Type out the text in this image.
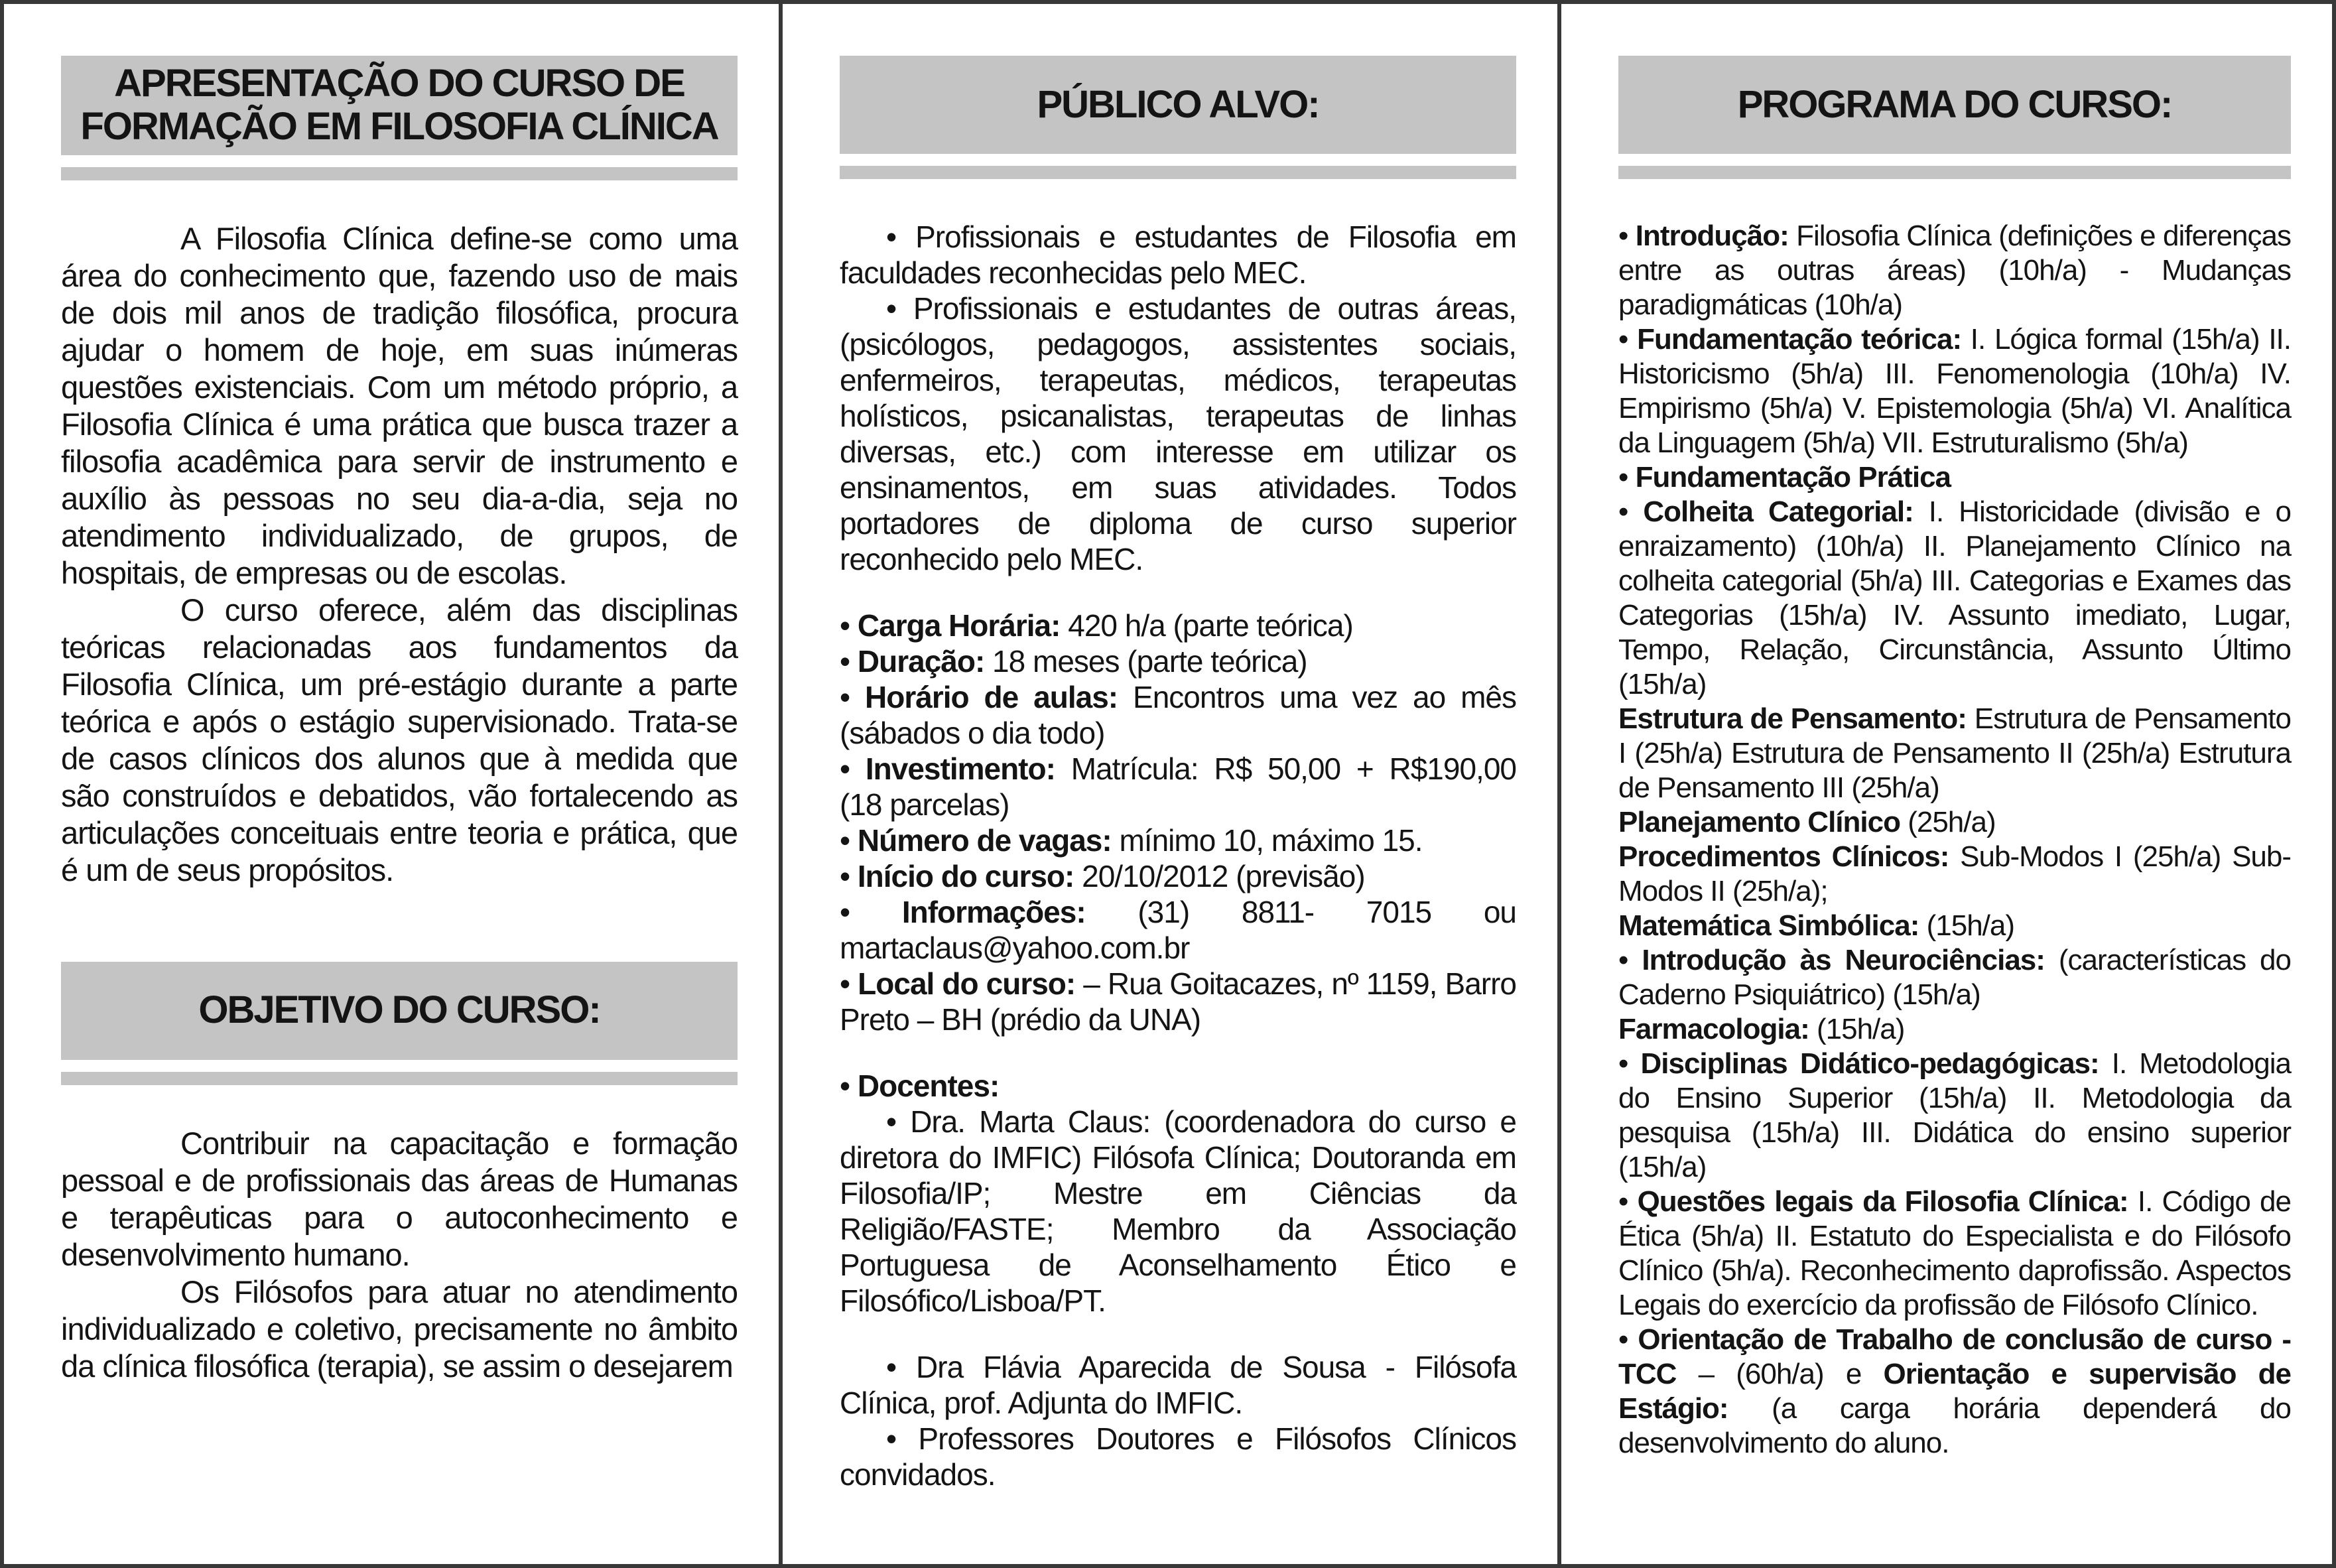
APRESENTAÇÃO DO CURSO DE FORMAÇÃO EM FILOSOFIA CLÍNICA

A Filosofia Clínica define-se como uma área do conhecimento que, fazendo uso de mais de dois mil anos de tradição filosófica, procura ajudar o homem de hoje, em suas inúmeras questões existenciais. Com um método próprio, a Filosofia Clínica é uma prática que busca trazer a filosofia acadêmica para servir de instrumento e auxílio às pessoas no seu dia-a-dia, seja no atendimento individualizado, de grupos, de hospitais, de empresas ou de escolas.

O curso oferece, além das disciplinas teóricas relacionadas aos fundamentos da Filosofia Clínica, um pré-estágio durante a parte teórica e após o estágio supervisionado. Trata-se de casos clínicos dos alunos que à medida que são construídos e debatidos, vão fortalecendo as articulações conceituais entre teoria e prática, que é um de seus propósitos.

OBJETIVO DO CURSO:

Contribuir na capacitação e formação pessoal e de profissionais das áreas de Humanas e terapêuticas para o autoconhecimento e desenvolvimento humano.

Os Filósofos para atuar no atendimento individualizado e coletivo, precisamente no âmbito da clínica filosófica (terapia), se assim o desejarem

PÚBLICO ALVO:

• Profissionais e estudantes de Filosofia em faculdades reconhecidas pelo MEC.

• Profissionais e estudantes de outras áreas, (psicólogos, pedagogos, assistentes sociais, enfermeiros, terapeutas, médicos, terapeutas holísticos, psicanalistas, terapeutas de linhas diversas, etc.) com interesse em utilizar os ensinamentos, em suas atividades. Todos portadores de diploma de curso superior reconhecido pelo MEC.

• Carga Horária: 420 h/a (parte teórica)

• Duração: 18 meses (parte teórica)

• Horário de aulas: Encontros uma vez ao mês (sábados o dia todo)

• Investimento: Matrícula: R$ 50,00 + R$190,00 (18 parcelas)

• Número de vagas: mínimo 10, máximo 15.

• Início do curso: 20/10/2012 (previsão)

• Informações: (31) 8811- 7015 ou martaclaus@yahoo.com.br

• Local do curso: – Rua Goitacazes, nº 1159, Barro Preto – BH (prédio da UNA)

• Docentes:

• Dra. Marta Claus: (coordenadora do curso e diretora do IMFIC) Filósofa Clínica; Doutoranda em Filosofia/IP; Mestre em Ciências da Religião/FASTE; Membro da Associação Portuguesa de Aconselhamento Ético e Filosófico/Lisboa/PT.

• Dra Flávia Aparecida de Sousa - Filósofa Clínica, prof. Adjunta do IMFIC.

• Professores Doutores e Filósofos Clínicos convidados.

PROGRAMA DO CURSO:

• Introdução: Filosofia Clínica (definições e diferenças entre as outras áreas) (10h/a) - Mudanças paradigmáticas (10h/a)

• Fundamentação teórica: I. Lógica formal (15h/a) II. Historicismo (5h/a) III. Fenomenologia (10h/a) IV. Empirismo (5h/a) V. Epistemologia (5h/a) VI. Analítica da Linguagem (5h/a) VII. Estruturalismo (5h/a)

• Fundamentação Prática

• Colheita Categorial: I. Historicidade (divisão e o enraizamento) (10h/a) II. Planejamento Clínico na colheita categorial (5h/a) III. Categorias e Exames das Categorias (15h/a) IV. Assunto imediato, Lugar, Tempo, Relação, Circunstância, Assunto Último (15h/a)

Estrutura de Pensamento: Estrutura de Pensamento I (25h/a) Estrutura de Pensamento II (25h/a) Estrutura de Pensamento III (25h/a)

Planejamento Clínico (25h/a)

Procedimentos Clínicos: Sub-Modos I (25h/a) Sub-Modos II (25h/a);

Matemática Simbólica: (15h/a)

• Introdução às Neurociências: (características do Caderno Psiquiátrico) (15h/a)

Farmacologia: (15h/a)

• Disciplinas Didático-pedagógicas: I. Metodologia do Ensino Superior (15h/a) II. Metodologia da pesquisa (15h/a) III. Didática do ensino superior (15h/a)

• Questões legais da Filosofia Clínica: I. Código de Ética (5h/a) II. Estatuto do Especialista e do Filósofo Clínico (5h/a). Reconhecimento daprofissão. Aspectos Legais do exercício da profissão de Filósofo Clínico.

• Orientação de Trabalho de conclusão de curso - TCC – (60h/a) e Orientação e supervisão de Estágio: (a carga horária dependerá do desenvolvimento do aluno.
